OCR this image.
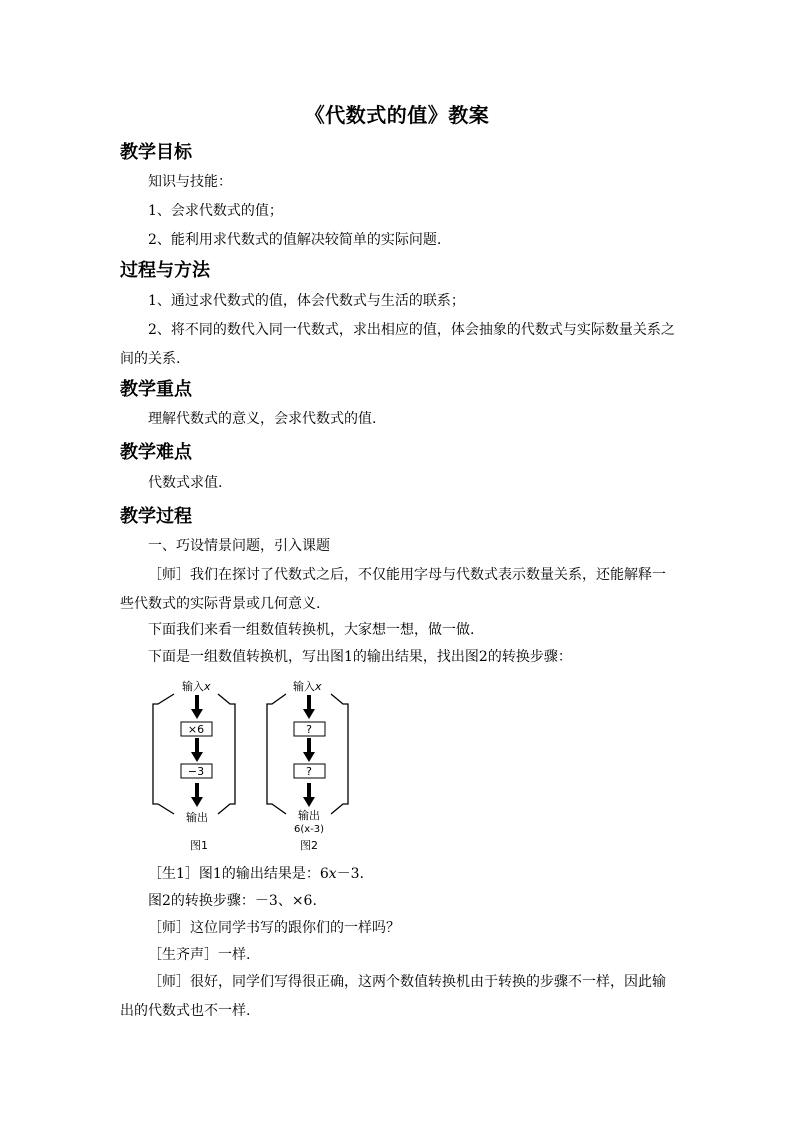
《代数式的值》教案
教学目标
知识与技能：
1、会求代数式的值；
2、能利用求代数式的值解决较简单的实际问题.
过程与方法
1、通过求代数式的值，体会代数式与生活的联系；
2、将不同的数代入同一代数式，求出相应的值，体会抽象的代数式与实际数量关系之间的关系.
教学重点
理解代数式的意义，会求代数式的值.
教学难点
代数式求值.
教学过程
一、巧设情景问题，引入课题
［师］我们在探讨了代数式之后，不仅能用字母与代数式表示数量关系，还能解释一些代数式的实际背景或几何意义.
下面我们来看一组数值转换机，大家想一想，做一做.
下面是一组数值转换机，写出图1的输出结果，找出图2的转换步骤：
输入x
×6
−3
输出
图1
输入x
?
?
输出
6(x-3)
图2
［生1］图1的输出结果是：6x－3.
图2的转换步骤：－3、×6.
［师］这位同学书写的跟你们的一样吗？
［生齐声］一样.
［师］很好，同学们写得很正确，这两个数值转换机由于转换的步骤不一样，因此输出的代数式也不一样.
